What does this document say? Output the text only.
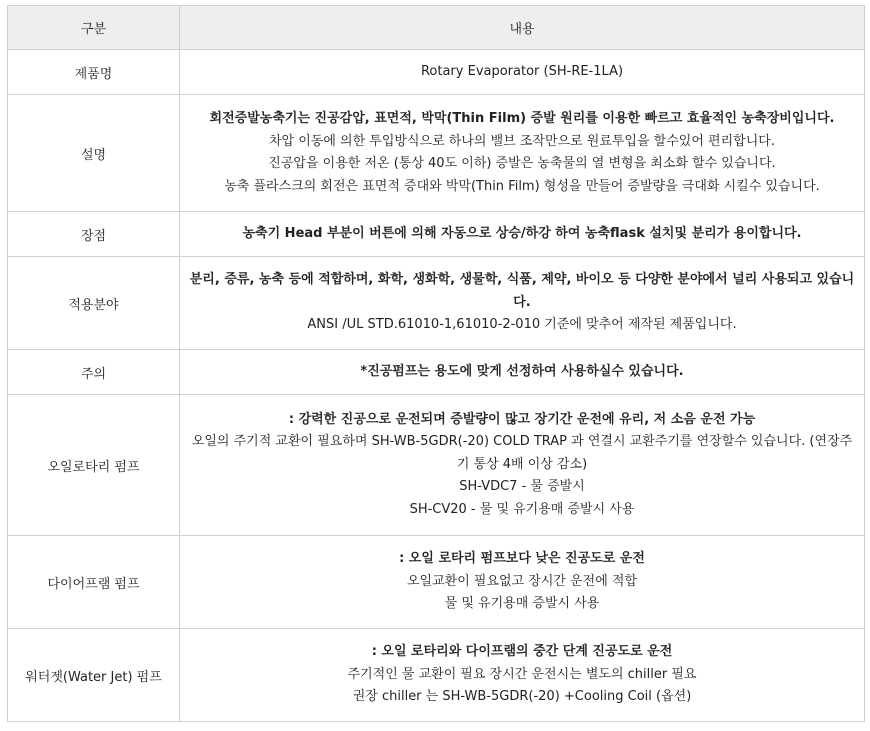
구분	내용
제품명	Rotary Evaporator (SH-RE-1LA)

설명	회전증발농축기는 진공감압, 표면적, 박막(Thin Film) 증발 원리를 이용한 빠르고 효율적인 농축장비입니다.
차압 이동에 의한 투입방식으로 하나의 밸브 조작만으로 원료투입을 할수있어 편리합니다.
진공압을 이용한 저온 (통상 40도 이하) 증발은 농축물의 열 변형을 최소화 할수 있습니다.
농축 플라스크의 회전은 표면적 증대와 박막(Thin Film) 형성을 만들어 증발량을 극대화 시킬수 있습니다.

장점	농축기 Head 부분이 버튼에 의해 자동으로 상승/하강 하여 농축flask 설치및 분리가 용이합니다.

적용분야	분리, 증류, 농축 등에 적합하며, 화학, 생화학, 생물학, 식품, 제약, 바이오 등 다양한 분야에서 널리 사용되고 있습니다.
ANSI /UL STD.61010-1,61010-2-010 기준에 맞추어 제작된 제품입니다.

주의	*진공펌프는 용도에 맞게 선정하여 사용하실수 있습니다.

오일로타리 펌프	: 강력한 진공으로 운전되며 증발량이 많고 장기간 운전에 유리, 저 소음 운전 가능
오일의 주기적 교환이 필요하며 SH-WB-5GDR(-20) COLD TRAP 과 연결시 교환주기를 연장할수 있습니다. (연장주기 통상 4배 이상 감소)
SH-VDC7 - 물 증발시
SH-CV20 - 물 및 유기용매 증발시 사용

다이어프램 펌프	: 오일 로타리 펌프보다 낮은 진공도로 운전
오일교환이 필요없고 장시간 운전에 적합
물 및 유기용매 증발시 사용

워터젯(Water Jet) 펌프	: 오일 로타리와 다이프램의 중간 단계 진공도로 운전
주기적인 물 교환이 필요 장시간 운전시는 별도의 chiller 필요
권장 chiller 는 SH-WB-5GDR(-20) +Cooling Coil (옵션)
